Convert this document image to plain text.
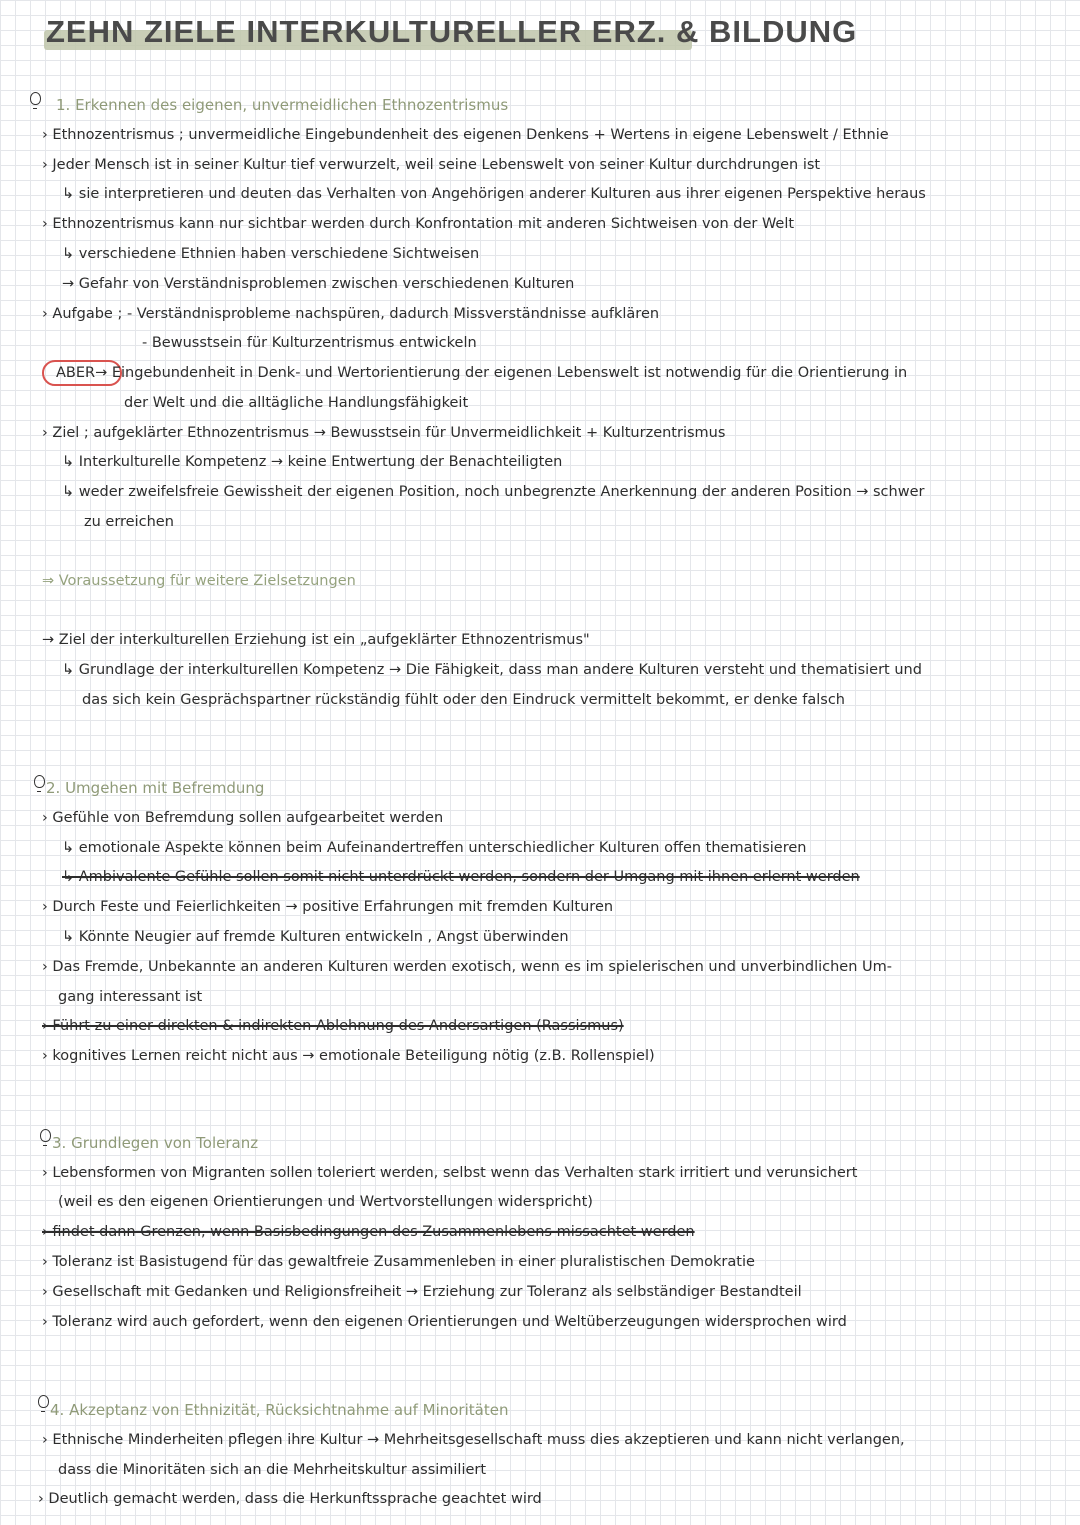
ZEHN ZIELE INTERKULTURELLER ERZ. & BILDUNG
1. Erkennen des eigenen, unvermeidlichen Ethnozentrismus
› Ethnozentrismus ; unvermeidliche Eingebundenheit des eigenen Denkens + Wertens in eigene Lebenswelt / Ethnie
› Jeder Mensch ist in seiner Kultur tief verwurzelt, weil seine Lebenswelt von seiner Kultur durchdrungen ist
↳ sie interpretieren und deuten das Verhalten von Angehörigen anderer Kulturen aus ihrer eigenen Perspektive heraus
› Ethnozentrismus kann nur sichtbar werden durch Konfrontation mit anderen Sichtweisen von der Welt
↳ verschiedene Ethnien haben verschiedene Sichtweisen
→ Gefahr von Verständnisproblemen zwischen verschiedenen Kulturen
› Aufgabe ; - Verständnisprobleme nachspüren, dadurch Missverständnisse aufklären
- Bewusstsein für Kulturzentrismus entwickeln
ABER→ Eingebundenheit in Denk- und Wertorientierung der eigenen Lebenswelt ist notwendig für die Orientierung in
der Welt und die alltägliche Handlungsfähigkeit
› Ziel ; aufgeklärter Ethnozentrismus → Bewusstsein für Unvermeidlichkeit + Kulturzentrismus
↳ Interkulturelle Kompetenz → keine Entwertung der Benachteiligten
↳ weder zweifelsfreie Gewissheit der eigenen Position, noch unbegrenzte Anerkennung der anderen Position → schwer
zu erreichen
⇒ Voraussetzung für weitere Zielsetzungen
→ Ziel der interkulturellen Erziehung ist ein „aufgeklärter Ethnozentrismus"
↳ Grundlage der interkulturellen Kompetenz → Die Fähigkeit, dass man andere Kulturen versteht und thematisiert und
das sich kein Gesprächspartner rückständig fühlt oder den Eindruck vermittelt bekommt, er denke falsch
2. Umgehen mit Befremdung
› Gefühle von Befremdung sollen aufgearbeitet werden
↳ emotionale Aspekte können beim Aufeinandertreffen unterschiedlicher Kulturen offen thematisieren
↳ Ambivalente Gefühle sollen somit nicht unterdrückt werden, sondern der Umgang mit ihnen erlernt werden
› Durch Feste und Feierlichkeiten → positive Erfahrungen mit fremden Kulturen
↳ Könnte Neugier auf fremde Kulturen entwickeln , Angst überwinden
› Das Fremde, Unbekannte an anderen Kulturen werden exotisch, wenn es im spielerischen und unverbindlichen Um-
gang interessant ist
› Führt zu einer direkten & indirekten Ablehnung des Andersartigen (Rassismus)
› kognitives Lernen reicht nicht aus → emotionale Beteiligung nötig (z.B. Rollenspiel)
3. Grundlegen von Toleranz
› Lebensformen von Migranten sollen toleriert werden, selbst wenn das Verhalten stark irritiert und verunsichert
(weil es den eigenen Orientierungen und Wertvorstellungen widerspricht)
› findet dann Grenzen, wenn Basisbedingungen des Zusammenlebens missachtet werden
› Toleranz ist Basistugend für das gewaltfreie Zusammenleben in einer pluralistischen Demokratie
› Gesellschaft mit Gedanken und Religionsfreiheit → Erziehung zur Toleranz als selbständiger Bestandteil
› Toleranz wird auch gefordert, wenn den eigenen Orientierungen und Weltüberzeugungen widersprochen wird
4. Akzeptanz von Ethnizität, Rücksichtnahme auf Minoritäten
› Ethnische Minderheiten pflegen ihre Kultur → Mehrheitsgesellschaft muss dies akzeptieren und kann nicht verlangen,
dass die Minoritäten sich an die Mehrheitskultur assimiliert
› Deutlich gemacht werden, dass die Herkunftssprache geachtet wird
